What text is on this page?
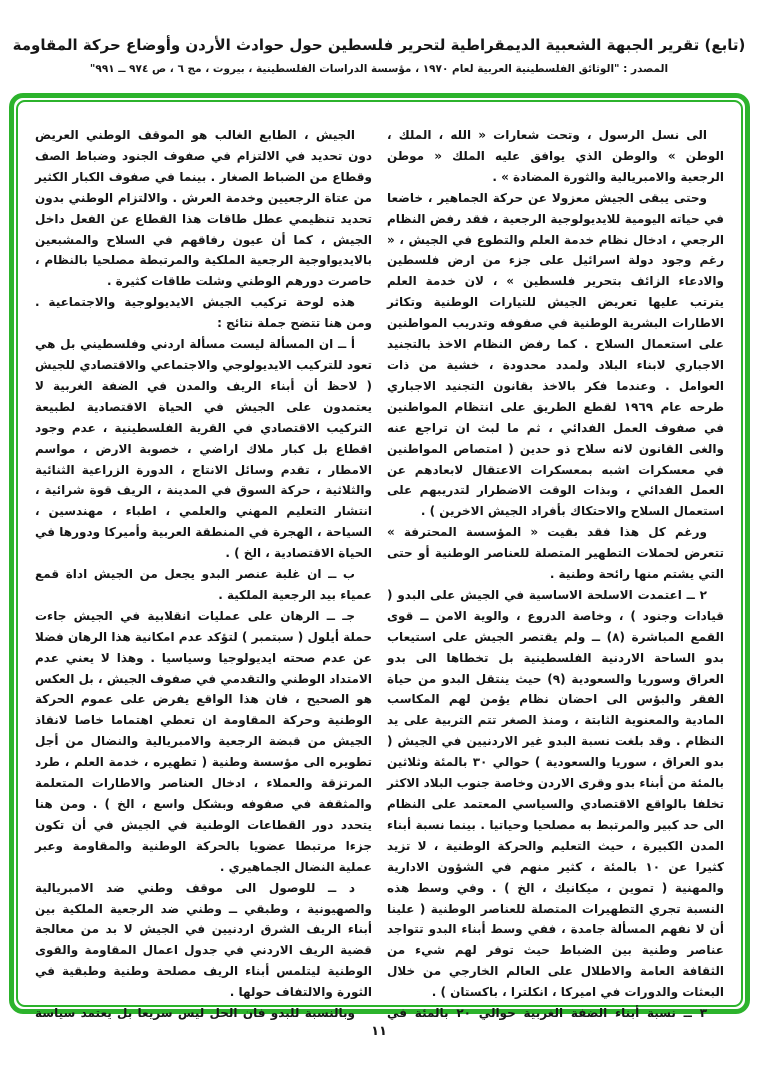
(تابع) تقرير الجبهة الشعبية الديمقراطية لتحرير فلسطين حول حوادث الأردن وأوضاع حركة المقاومة
المصدر : "الوثائق الفلسطينية العربية لعام ١٩٧٠ ، مؤسسة الدراسات الفلسطينية ، بيروت ، مج ٦ ، ص ٩٧٤ ــ ٩٩١"

الى نسل الرسول ، وتحت شعارات « الله ، الملك ، الوطن » والوطن الذي يوافق عليه الملك « موطن الرجعية والامبريالية والثورة المضادة » .

وحتى يبقى الجيش معزولا عن حركة الجماهير ، خاضعا في حياته اليومية للايديولوجية الرجعية ، فقد رفض النظام الرجعي ، ادخال نظام خدمة العلم والتطوع في الجيش ، « رغم وجود دولة اسرائيل على جزء من ارض فلسطين والادعاء الزائف بتحرير فلسطين » ، لان خدمة العلم يترتب عليها تعريض الجيش للتيارات الوطنية وتكاثر الاطارات البشرية الوطنية في صفوفه وتدريب المواطنين على استعمال السلاح . كما رفض النظام الاخذ بالتجنيد الاجباري لابناء البلاد ولمدد محدودة ، خشية من ذات العوامل . وعندما فكر بالاخذ بقانون التجنيد الاجباري طرحه عام ١٩٦٩ لقطع الطريق على انتظام المواطنين في صفوف العمل الفدائي ، ثم ما لبث ان تراجع عنه والغى القانون لانه سلاح ذو حدين ( امتصاص المواطنين في معسكرات اشبه بمعسكرات الاعتقال لابعادهم عن العمل الفدائي ، وبذات الوقت الاضطرار لتدريبهم على استعمال السلاح والاحتكاك بأفراد الجيش الاخرين ) .

ورغم كل هذا فقد بقيت « المؤسسة المحترفة » تتعرض لحملات التطهير المتصلة للعناصر الوطنية أو حتى التي يشتم منها رائحة وطنية .

٢ ــ اعتمدت الاسلحة الاساسية في الجيش على البدو ( قيادات وجنود ) ، وخاصة الدروع ، والوية الامن ــ قوى القمع المباشرة (٨) ــ ولم يقتصر الجيش على استيعاب بدو الساحة الاردنية الفلسطينية بل تخطاها الى بدو العراق وسوريا والسعودية (٩) حيث ينتقل البدو من حياة الفقر والبؤس الى احضان نظام يؤمن لهم المكاسب المادية والمعنوية الثابتة ، ومنذ الصغر تتم التربية على يد النظام . وقد بلغت نسبة البدو غير الاردنيين في الجيش ( بدو العراق ، سوريا والسعودية ) حوالي ٣٠ بالمئة وثلاثين بالمئة من أبناء بدو وقرى الاردن وخاصة جنوب البلاد الاكثر تخلفا بالواقع الاقتصادي والسياسي المعتمد على النظام الى حد كبير والمرتبط به مصلحيا وحياتيا . بينما نسبة أبناء المدن الكبيرة ، حيث التعليم والحركة الوطنية ، لا تزيد كثيرا عن ١٠ بالمئة ، كثير منهم في الشؤون الادارية والمهنية ( تموين ، ميكانيك ، الخ ) . وفي وسط هذه النسبة تجري التطهيرات المتصلة للعناصر الوطنية ( علينا أن لا نفهم المسألة جامدة ، ففي وسط أبناء البدو تتواجد عناصر وطنية بين الضباط حيث توفر لهم شيء من الثقافة العامة والاطلال على العالم الخارجي من خلال البعثات والدورات في اميركا ، انكلترا ، باكستان ) .

٣ ــ نسبة أبناء الضفة الغربية حوالي ٢٠ بالمئة في

الجيش ، الطابع الغالب هو الموقف الوطني العريض دون تحديد في الالتزام في صفوف الجنود وضباط الصف وقطاع من الضباط الصغار . بينما في صفوف الكبار الكثير من عتاة الرجعيين وخدمة العرش . والالتزام الوطني بدون تحديد تنظيمي عطل طاقات هذا القطاع عن الفعل داخل الجيش ، كما أن عيون رفاقهم في السلاح والمشبعين بالايديواوجية الرجعية الملكية والمرتبطة مصلحيا بالنظام ، حاصرت دورهم الوطني وشلت طاقات كثيرة .

هذه لوحة تركيب الجيش الايديولوجية والاجتماعية . ومن هنا تتضح جملة نتائج :

أ ــ ان المسألة ليست مسألة اردني وفلسطيني بل هي تعود للتركيب الايديولوجي والاجتماعي والاقتصادي للجيش ( لاحظ أن أبناء الريف والمدن في الضفة الغربية لا يعتمدون على الجيش في الحياة الاقتصادية لطبيعة التركيب الاقتصادي في القرية الفلسطينية ، عدم وجود اقطاع بل كبار ملاك اراضي ، خصوبة الارض ، مواسم الامطار ، تقدم وسائل الانتاج ، الدورة الزراعية الثنائية والثلاثية ، حركة السوق في المدينة ، الريف قوة شرائية ، انتشار التعليم المهني والعلمي ، اطباء ، مهندسين ، السياحة ، الهجرة في المنطقة العربية وأميركا ودورها في الحياة الاقتصادية ، الخ ) .

ب ــ ان غلبة عنصر البدو يجعل من الجيش اداة قمع عمياء بيد الرجعية الملكية .

جـ ــ الرهان على عمليات انقلابية في الجيش جاءت حملة أيلول ( سبتمبر ) لتؤكد عدم امكانية هذا الرهان فضلا عن عدم صحته ايديولوجيا وسياسيا . وهذا لا يعني عدم الامتداد الوطني والتقدمي في صفوف الجيش ، بل العكس هو الصحيح ، فان هذا الواقع يفرض على عموم الحركة الوطنية وحركة المقاومة ان تعطي اهتماما خاصا لانقاذ الجيش من قبضة الرجعية والامبريالية والنضال من أجل تطويره الى مؤسسة وطنية ( تطهيره ، خدمة العلم ، طرد المرتزقة والعملاء ، ادخال العناصر والاطارات المتعلمة والمثقفة في صفوفه وبشكل واسع ، الخ ) . ومن هنا يتحدد دور القطاعات الوطنية في الجيش في أن تكون جزءا مرتبطا عضويا بالحركة الوطنية والمقاومة وعبر عملية النضال الجماهيري .

د ــ للوصول الى موقف وطني ضد الامبريالية والصهيونية ، وطبقي ــ وطني ضد الرجعية الملكية بين أبناء الريف الشرق اردنيين في الجيش لا بد من معالجة قضية الريف الاردني في جدول اعمال المقاومة والقوى الوطنية ليتلمس أبناء الريف مصلحة وطنية وطبقية في الثورة والالتفاف حولها .

وبالنسبة للبدو فان الحل ليس سريعا بل يعتمد سياسة

١١
